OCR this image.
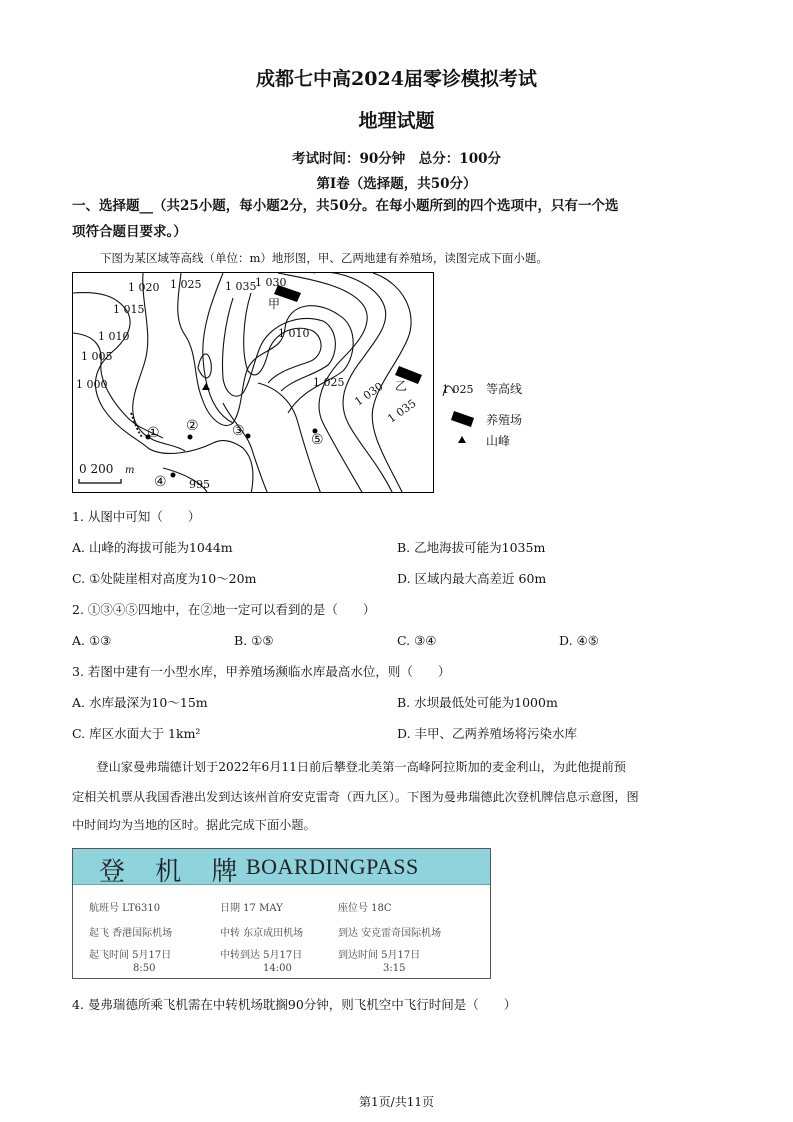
成都七中高2024届零诊模拟考试
地理试题
考试时间：90分钟　总分：100分
第Ⅰ卷（选择题，共50分）
一、选择题__（共25小题，每小题2分，共50分。在每小题所到的四个选项中，只有一个选
项符合题目要求。）
下图为某区域等高线（单位：m）地形图，甲、乙两地建有养殖场，读图完成下面小题。
1 030
1 025 1 035
1 020
1 015
1 010
1 005
1 000
1 010
1 025 1 030
1 035
995
甲
乙
① ② ③
④
⑤
0 200 m
1 025 等高线
养殖场
山峰
1. 从图中可知（　　）
A. 山峰的海拔可能为1044m	B. 乙地海拔可能为1035m
C. ①处陡崖相对高度为10～20m	D. 区域内最大高差近 60m
2. ①③④⑤四地中，在②地一定可以看到的是（　　）
A. ①③	B. ①⑤	C. ③④	D. ④⑤
3. 若图中建有一小型水库，甲养殖场濒临水库最高水位，则（　　）
A. 水库最深为10～15m	B. 水坝最低处可能为1000m
C. 库区水面大于 1km²	D. 丰甲、乙两养殖场将污染水库
登山家曼弗瑞德计划于2022年6月11日前后攀登北美第一高峰阿拉斯加的麦金利山，为此他提前预
定相关机票从我国香港出发到达该州首府安克雷奇（西九区）。下图为曼弗瑞德此次登机牌信息示意图，图
中时间均为当地的区时。据此完成下面小题。
登 机 牌
BOARDINGPASS
航班号 LT6310	日期 17 MAY	座位号 18C
起飞 香港国际机场	中转 东京成田机场	到达 安克雷奇国际机场
起飞时间 5月17日	中转到达 5月17日	到达时间 5月17日
8:50	14:00	3:15
4. 曼弗瑞德所乘飞机需在中转机场耽搁90分钟，则飞机空中飞行时间是（　　）
第1页/共11页
